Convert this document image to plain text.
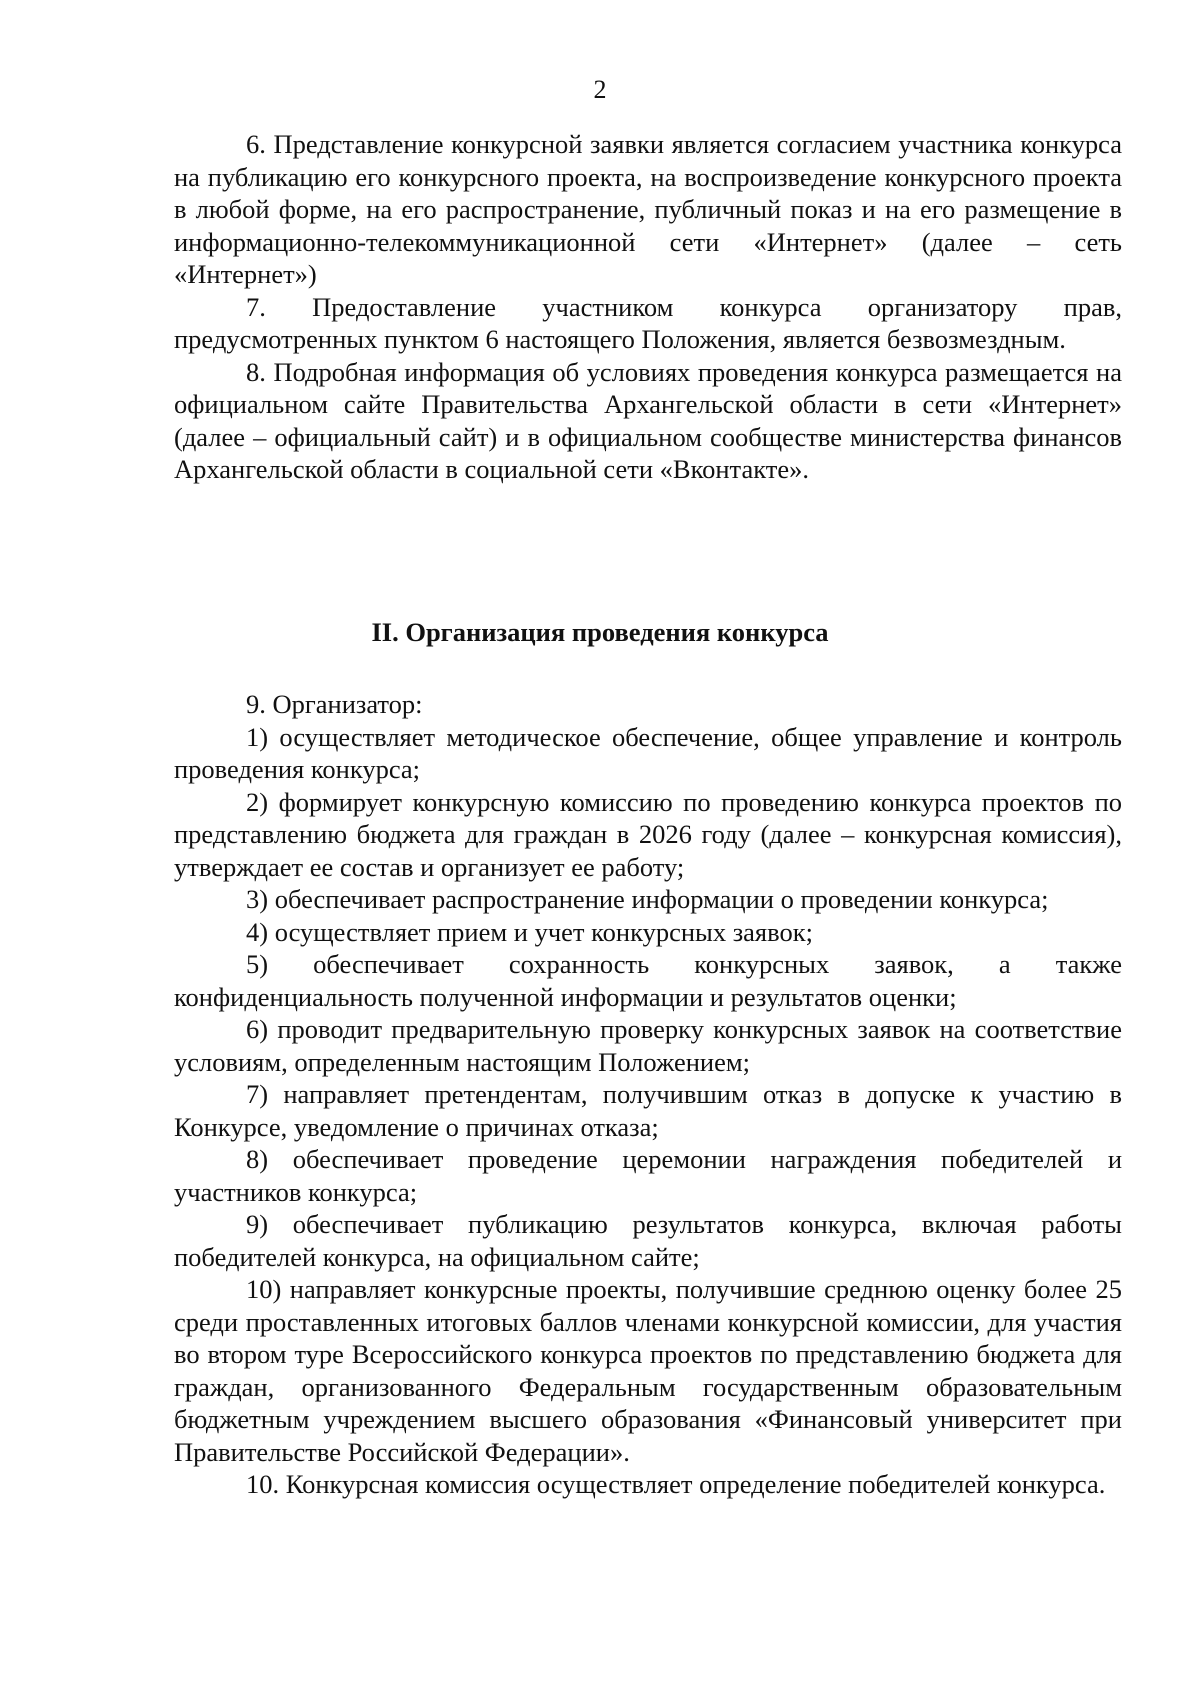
2

6. Представление конкурсной заявки является согласием участника конкурса на публикацию его конкурсного проекта, на воспроизведение конкурсного проекта в любой форме, на его распространение, публичный показ и на его размещение в информационно-телекоммуникационной сети «Интернет» (далее – сеть «Интернет»)

7. Предоставление участником конкурса организатору прав, предусмотренных пунктом 6 настоящего Положения, является безвозмездным.

8. Подробная информация об условиях проведения конкурса размещается на официальном сайте Правительства Архангельской области в сети «Интернет» (далее – официальный сайт) и в официальном сообществе министерства финансов Архангельской области в социальной сети «Вконтакте».

II. Организация проведения конкурса

9. Организатор:

1) осуществляет методическое обеспечение, общее управление и контроль проведения конкурса;

2) формирует конкурсную комиссию по проведению конкурса проектов по представлению бюджета для граждан в 2026 году (далее – конкурсная комиссия), утверждает ее состав и организует ее работу;

3) обеспечивает распространение информации о проведении конкурса;

4) осуществляет прием и учет конкурсных заявок;

5) обеспечивает сохранность конкурсных заявок, а также конфиденциальность полученной информации и результатов оценки;

6) проводит предварительную проверку конкурсных заявок на соответствие условиям, определенным настоящим Положением;

7) направляет претендентам, получившим отказ в допуске к участию в Конкурсе, уведомление о причинах отказа;

8) обеспечивает проведение церемонии награждения победителей и участников конкурса;

9) обеспечивает публикацию результатов конкурса, включая работы победителей конкурса, на официальном сайте;

10) направляет конкурсные проекты, получившие среднюю оценку более 25 среди проставленных итоговых баллов членами конкурсной комиссии, для участия во втором туре Всероссийского конкурса проектов по представлению бюджета для граждан, организованного Федеральным государственным образовательным бюджетным учреждением высшего образования «Финансовый университет при Правительстве Российской Федерации».

10. Конкурсная комиссия осуществляет определение победителей конкурса.
